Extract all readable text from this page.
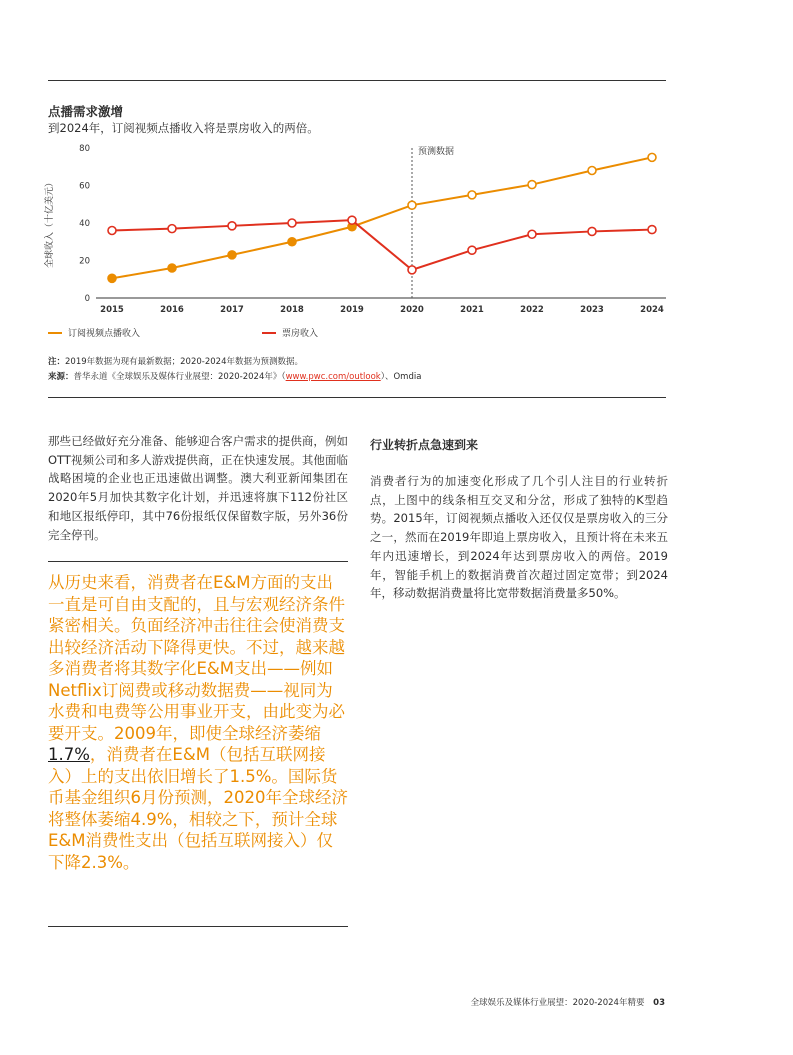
点播需求激增
到2024年，订阅视频点播收入将是票房收入的两倍。
0
20
40
60
80
全球收入（十亿美元）
2015	2016	2017	2018	2019	2020	2021	2022	2023	2024
预测数据
订阅视频点播收入	票房收入
注：2019年数据为现有最新数据；2020-2024年数据为预测数据。
来源：普华永道《全球娱乐及媒体行业展望：2020-2024年》（www.pwc.com/outlook）、Omdia
那些已经做好充分准备、能够迎合客户需求的提供商，例如OTT视频公司和多人游戏提供商，正在快速发展。其他面临战略困境的企业也正迅速做出调整。澳大利亚新闻集团在2020年5月加快其数字化计划，并迅速将旗下112份社区和地区报纸停印，其中76份报纸仅保留数字版，另外36份完全停刊。
从历史来看，消费者在E&M方面的支出一直是可自由支配的，且与宏观经济条件紧密相关。负面经济冲击往往会使消费支出较经济活动下降得更快。不过，越来越多消费者将其数字化E&M支出——例如Netflix订阅费或移动数据费——视同为水费和电费等公用事业开支，由此变为必要开支。2009年，即使全球经济萎缩1.7%，消费者在E&M（包括互联网接入）上的支出依旧增长了1.5%。国际货币基金组织6月份预测，2020年全球经济将整体萎缩4.9%，相较之下，预计全球E&M消费性支出（包括互联网接入）仅下降2.3%。
行业转折点急速到来
消费者行为的加速变化形成了几个引人注目的行业转折点，上图中的线条相互交叉和分岔，形成了独特的K型趋势。2015年，订阅视频点播收入还仅仅是票房收入的三分之一，然而在2019年即追上票房收入，且预计将在未来五年内迅速增长，到2024年达到票房收入的两倍。2019年，智能手机上的数据消费首次超过固定宽带；到2024年，移动数据消费量将比宽带数据消费量多50%。
全球娱乐及媒体行业展望：2020-2024年精要 03
